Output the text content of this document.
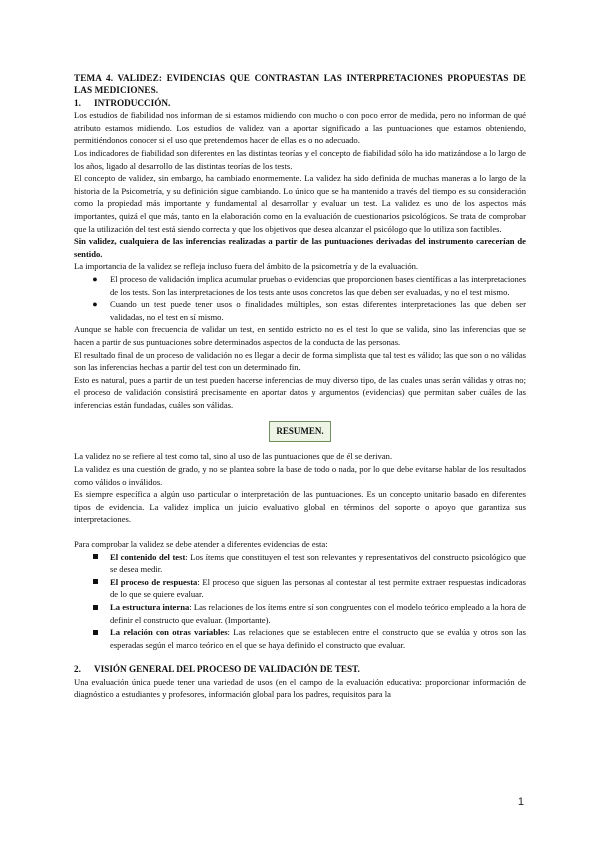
TEMA 4. VALIDEZ: EVIDENCIAS QUE CONTRASTAN LAS INTERPRETACIONES PROPUESTAS DE LAS MEDICIONES.

1. INTRODUCCIÓN.

Los estudios de fiabilidad nos informan de si estamos midiendo con mucho o con poco error de medida, pero no informan de qué atributo estamos midiendo. Los estudios de validez van a aportar significado a las puntuaciones que estamos obteniendo, permitiéndonos conocer si el uso que pretendemos hacer de ellas es o no adecuado.

Los indicadores de fiabilidad son diferentes en las distintas teorías y el concepto de fiabilidad sólo ha ido matizándose a lo largo de los años, ligado al desarrollo de las distintas teorías de los tests.

El concepto de validez, sin embargo, ha cambiado enormemente. La validez ha sido definida de muchas maneras a lo largo de la historia de la Psicometría, y su definición sigue cambiando. Lo único que se ha mantenido a través del tiempo es su consideración como la propiedad más importante y fundamental al desarrollar y evaluar un test. La validez es uno de los aspectos más importantes, quizá el que más, tanto en la elaboración como en la evaluación de cuestionarios psicológicos. Se trata de comprobar que la utilización del test está siendo correcta y que los objetivos que desea alcanzar el psicólogo que lo utiliza son factibles.

Sin validez, cualquiera de las inferencias realizadas a partir de las puntuaciones derivadas del instrumento carecerían de sentido.

La importancia de la validez se refleja incluso fuera del ámbito de la psicometría y de la evaluación.

●	El proceso de validación implica acumular pruebas o evidencias que proporcionen bases científicas a las interpretaciones de los tests. Son las interpretaciones de los tests ante usos concretos las que deben ser evaluadas, y no el test mismo.
●	Cuando un test puede tener usos o finalidades múltiples, son estas diferentes interpretaciones las que deben ser validadas, no el test en sí mismo.

Aunque se hable con frecuencia de validar un test, en sentido estricto no es el test lo que se valida, sino las inferencias que se hacen a partir de sus puntuaciones sobre determinados aspectos de la conducta de las personas.

El resultado final de un proceso de validación no es llegar a decir de forma simplista que tal test es válido; las que son o no válidas son las inferencias hechas a partir del test con un determinado fin.

Esto es natural, pues a partir de un test pueden hacerse inferencias de muy diverso tipo, de las cuales unas serán válidas y otras no; el proceso de validación consistirá precisamente en aportar datos y argumentos (evidencias) que permitan saber cuáles de las inferencias están fundadas, cuáles son válidas.

RESUMEN.

La validez no se refiere al test como tal, sino al uso de las puntuaciones que de él se derivan.

La validez es una cuestión de grado, y no se plantea sobre la base de todo o nada, por lo que debe evitarse hablar de los resultados como válidos o inválidos.

Es siempre específica a algún uso particular o interpretación de las puntuaciones. Es un concepto unitario basado en diferentes tipos de evidencia. La validez implica un juicio evaluativo global en términos del soporte o apoyo que garantiza sus interpretaciones.

Para comprobar la validez se debe atender a diferentes evidencias de esta:

El contenido del test: Los ítems que constituyen el test son relevantes y representativos del constructo psicológico que se desea medir.
El proceso de respuesta: El proceso que siguen las personas al contestar al test permite extraer respuestas indicadoras de lo que se quiere evaluar.
La estructura interna: Las relaciones de los ítems entre sí son congruentes con el modelo teórico empleado a la hora de definir el constructo que evaluar. (Importante).
La relación con otras variables: Las relaciones que se establecen entre el constructo que se evalúa y otros son las esperadas según el marco teórico en el que se haya definido el constructo que evaluar.

2. VISIÓN GENERAL DEL PROCESO DE VALIDACIÓN DE TEST.

Una evaluación única puede tener una variedad de usos (en el campo de la evaluación educativa: proporcionar información de diagnóstico a estudiantes y profesores, información global para los padres, requisitos para la

1
